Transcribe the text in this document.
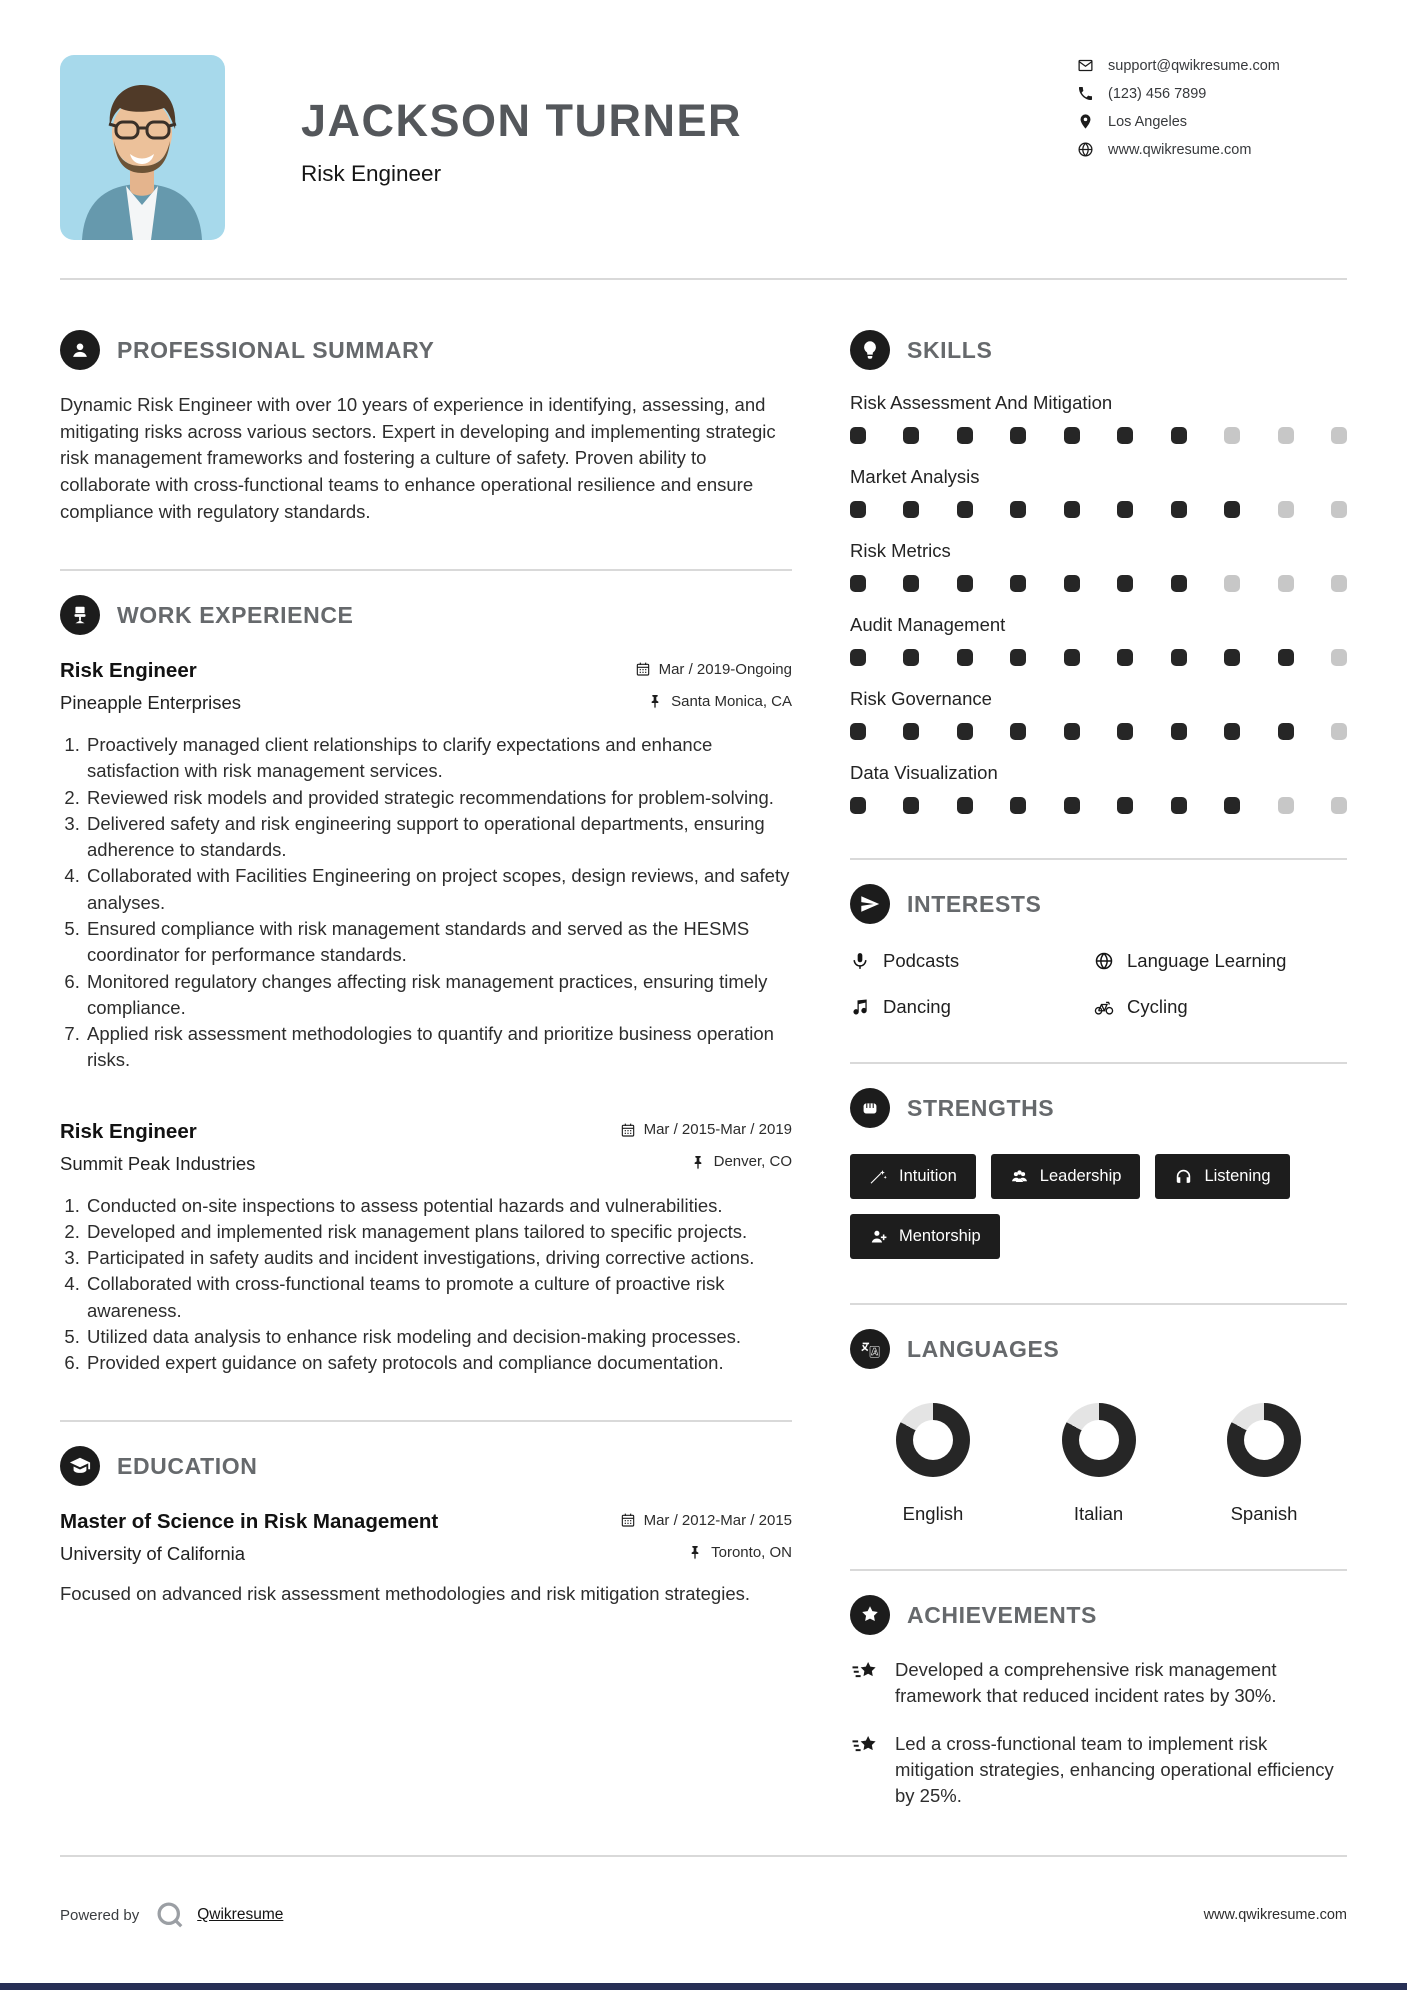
JACKSON TURNER
Risk Engineer
support@qwikresume.com
(123) 456 7899
Los Angeles
www.qwikresume.com
PROFESSIONAL SUMMARY

Dynamic Risk Engineer with over 10 years of experience in identifying, assessing, and mitigating risks across various sectors. Expert in developing and implementing strategic risk management frameworks and fostering a culture of safety. Proven ability to collaborate with cross-functional teams to enhance operational resilience and ensure compliance with regulatory standards.

WORK EXPERIENCE
Risk Engineer	Mar / 2019-Ongoing
Pineapple Enterprises	Santa Monica, CA
1. Proactively managed client relationships to clarify expectations and enhance satisfaction with risk management services.
2. Reviewed risk models and provided strategic recommendations for problem-solving.
3. Delivered safety and risk engineering support to operational departments, ensuring adherence to standards.
4. Collaborated with Facilities Engineering on project scopes, design reviews, and safety analyses.
5. Ensured compliance with risk management standards and served as the HESMS coordinator for performance standards.
6. Monitored regulatory changes affecting risk management practices, ensuring timely compliance.
7. Applied risk assessment methodologies to quantify and prioritize business operation risks.
Risk Engineer	Mar / 2015-Mar / 2019
Summit Peak Industries	Denver, CO
1. Conducted on-site inspections to assess potential hazards and vulnerabilities.
2. Developed and implemented risk management plans tailored to specific projects.
3. Participated in safety audits and incident investigations, driving corrective actions.
4. Collaborated with cross-functional teams to promote a culture of proactive risk awareness.
5. Utilized data analysis to enhance risk modeling and decision-making processes.
6. Provided expert guidance on safety protocols and compliance documentation.
EDUCATION
Master of Science in Risk Management	Mar / 2012-Mar / 2015
University of California	Toronto, ON

Focused on advanced risk assessment methodologies and risk mitigation strategies.

SKILLS
Risk Assessment And Mitigation
Market Analysis
Risk Metrics
Audit Management
Risk Governance
Data Visualization
INTERESTS
Podcasts	Language Learning
Dancing	Cycling
STRENGTHS
Intuition	Leadership	Listening
Mentorship
LANGUAGES
English	Italian	Spanish
ACHIEVEMENTS

Developed a comprehensive risk management framework that reduced incident rates by 30%.

Led a cross-functional team to implement risk mitigation strategies, enhancing operational efficiency by 25%.

Powered by	Qwikresume	www.qwikresume.com
